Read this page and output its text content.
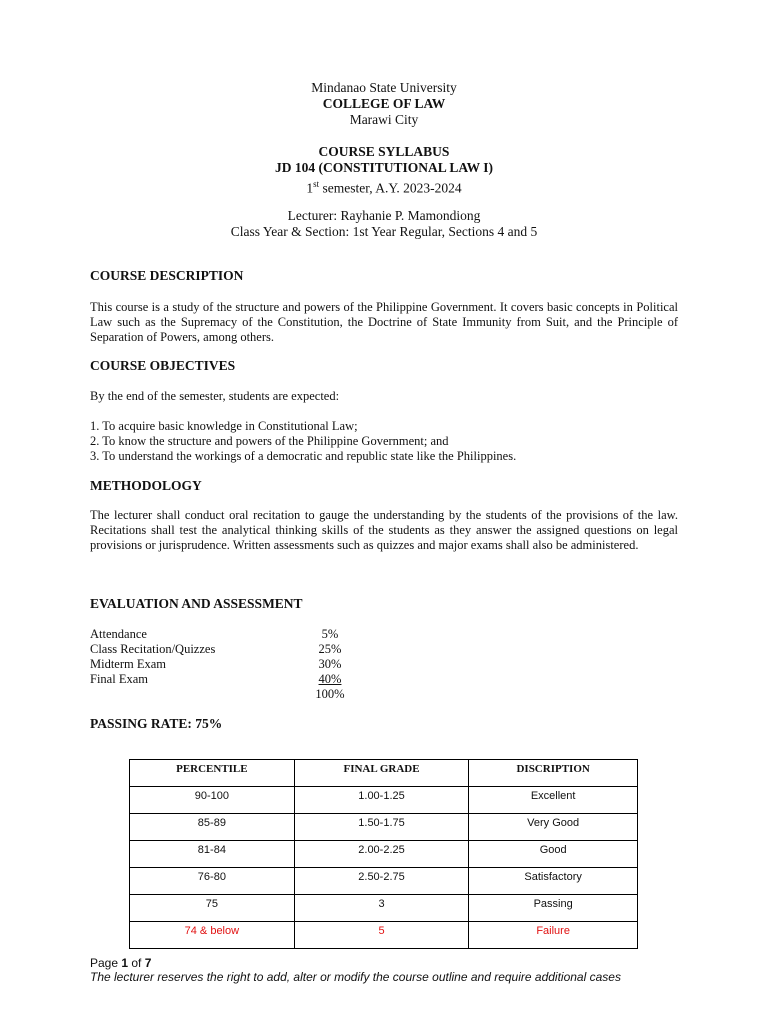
Mindanao State University
COLLEGE OF LAW
Marawi City
COURSE SYLLABUS
JD 104 (CONSTITUTIONAL LAW I)
1st semester, A.Y. 2023-2024
Lecturer: Rayhanie P. Mamondiong
Class Year & Section: 1st Year Regular, Sections 4 and 5
COURSE DESCRIPTION
This course is a study of the structure and powers of the Philippine Government. It covers basic concepts in Political Law such as the Supremacy of the Constitution, the Doctrine of State Immunity from Suit, and the Principle of Separation of Powers, among others.
COURSE OBJECTIVES
By the end of the semester, students are expected:
1. To acquire basic knowledge in Constitutional Law;
2. To know the structure and powers of the Philippine Government; and
3. To understand the workings of a democratic and republic state like the Philippines.
METHODOLOGY
The lecturer shall conduct oral recitation to gauge the understanding by the students of the provisions of the law. Recitations shall test the analytical thinking skills of the students as they answer the assigned questions on legal provisions or jurisprudence. Written assessments such as quizzes and major exams shall also be administered.
EVALUATION AND ASSESSMENT
Attendance	5%
Class Recitation/Quizzes	25%
Midterm Exam	30%
Final Exam	40%
100%
PASSING RATE: 75%
PERCENTILE	FINAL GRADE	DISCRIPTION
90-100	1.00-1.25	Excellent
85-89	1.50-1.75	Very Good
81-84	2.00-2.25	Good
76-80	2.50-2.75	Satisfactory
75	3	Passing
74 & below	5	Failure
Page 1 of 7
The lecturer reserves the right to add, alter or modify the course outline and require additional cases
